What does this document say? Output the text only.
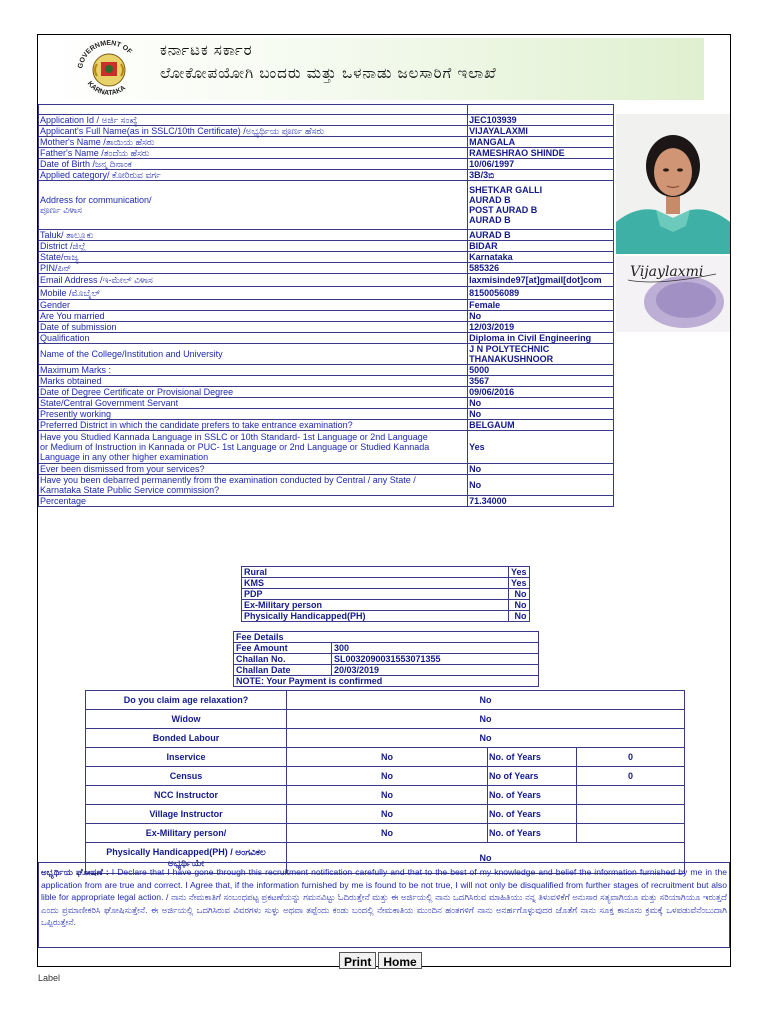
GOVERNMENT OF
KARNATAKA
ಕರ್ನಾಟಕ ಸರ್ಕಾರ
ಲೋಕೋಪಯೋಗಿ ಬಂದರು ಮತ್ತು ಒಳನಾಡು ಜಲಸಾರಿಗೆ ಇಲಾಖೆ

Application Id / ಅರ್ಜಿ ಸಂಖ್ಯೆ	JEC103939
Applicant's Full Name(as in SSLC/10th Certificate) /ಅಭ್ಯರ್ಥಿಯ ಪೂರ್ಣ ಹೆಸರು	VIJAYALAXMI
Mother's Name /ತಾಯಿಯ ಹೆಸರು	MANGALA
Father's Name /ತಂದೆಯ ಹೆಸರು	RAMESHRAO SHINDE
Date of Birth /ಜನ್ಮ ದಿನಾಂಕ	10/06/1997
Applied category/ ಕೋರಿರುವ ವರ್ಗ	3B/3ಬಿ
Address for communication/
ಪೂರ್ಣ ವಿಳಾಸ	SHETKAR GALLI
AURAD B
POST AURAD B
AURAD B
Taluk/ ತಾಲ್ಲೂಕು	AURAD B
District /ಜಿಲ್ಲೆ	BIDAR
State/ರಾಜ್ಯ	Karnataka
PIN/ಪಿನ್	585326
Email Address /ಇ-ಮೇಲ್ ವಿಳಾಸ	laxmisinde97[at]gmail[dot]com
Mobile /ಮೊಬೈಲ್	8150056089
Gender	Female
Are You married	No
Date of submission	12/03/2019
Qualification	Diploma in Civil Engineering
Name of the College/Institution and University	J N POLYTECHNIC
THANAKUSHNOOR
Maximum Marks :	5000
Marks obtained	3567
Date of Degree Certificate or Provisional Degree	09/06/2016
State/Central Government Servant	No
Presently working	No
Preferred District in which the candidate prefers to take entrance examination?	BELGAUM
Have you Studied Kannada Language in SSLC or 10th Standard- 1st Language or 2nd Language
or Medium of Instruction in Kannada or PUC- 1st Language or 2nd Language or Studied Kannada
Language in any other higher examination	Yes
Ever been dismissed from your services?	No
Have you been debarred permanently from the examination conducted by Central / any State /
Karnataka State Public Service commission?	No
Percentage	71.34000
Vijaylaxmi
Rural	Yes
KMS	Yes
PDP	No
Ex-Military person	No
Physically Handicapped(PH)	No
Fee Details	
Fee Amount	300
Challan No.	SL0032090031553071355
Challan Date	20/03/2019
NOTE: Your Payment is confirmed	
Do you claim age relaxation?	No		
Widow	No		
Bonded Labour	No		
Inservice	No	No. of Years	0
Census	No	No of Years	0
NCC Instructor	No	No. of Years	
Village Instructor	No	No. of Years	
Ex-Military person/	No	No. of Years	
Physically Handicapped(PH) / ಅಂಗವಿಕಲ
ಅಭ್ಯರ್ಥಿಯೇ	No		
ಅಭ್ಯರ್ಥಿಯ ಘೋಷಣೆ : I Declare that I have gone through this recruitment notification carefully and that to the best of my knowledge and belief the information furnished by me in the application from are true and correct. I Agree that, if the information furnished by me is found to be not true, I will not only be disqualified from further stages of recruitment but also lible for appropriate legal action. / ನಾನು ನೇಮಕಾತಿಗೆ ಸಂಬಂಧಪಟ್ಟ ಪ್ರಕಟಣೆಯನ್ನು ಗಮನವಿಟ್ಟು ಓದಿರುತ್ತೇನೆ ಮತ್ತು ಈ ಅರ್ಜಿಯಲ್ಲಿ ನಾನು ಒದಗಿಸಿರುವ ಮಾಹಿತಿಯು ನನ್ನ ತಿಳುವಳಿಕೆಗೆ ಅನುಸಾರ ಸತ್ಯವಾಗಿಯೂ ಮತ್ತು ಸರಿಯಾಗಿಯೂ ಇರುತ್ತದೆ ಎಂದು ಪ್ರಮಾಣೀಕರಿಸಿ ಘೋಷಿಸುತ್ತೇನೆ. ಈ ಅರ್ಜಿಯಲ್ಲಿ ಒದಗಿಸಿರುವ ವಿವರಗಳು ಸುಳ್ಳು ಅಥವಾ ತಪ್ಪೆಂದು ಕಂಡು ಬಂದಲ್ಲಿ ನೇಮಕಾತಿಯ ಮುಂದಿನ ಹಂತಗಳಿಗೆ ನಾನು ಅನರ್ಹಗೊಳ್ಳುವುದರ ಜೊತೆಗೆ ನಾನು ಸೂಕ್ತ ಕಾನೂನು ಕ್ರಮಕ್ಕೆ ಒಳಪಡುವೆನೆಂಬುದಾಗಿ ಒಪ್ಪಿರುತ್ತೇನೆ.
Print	Home
Label
